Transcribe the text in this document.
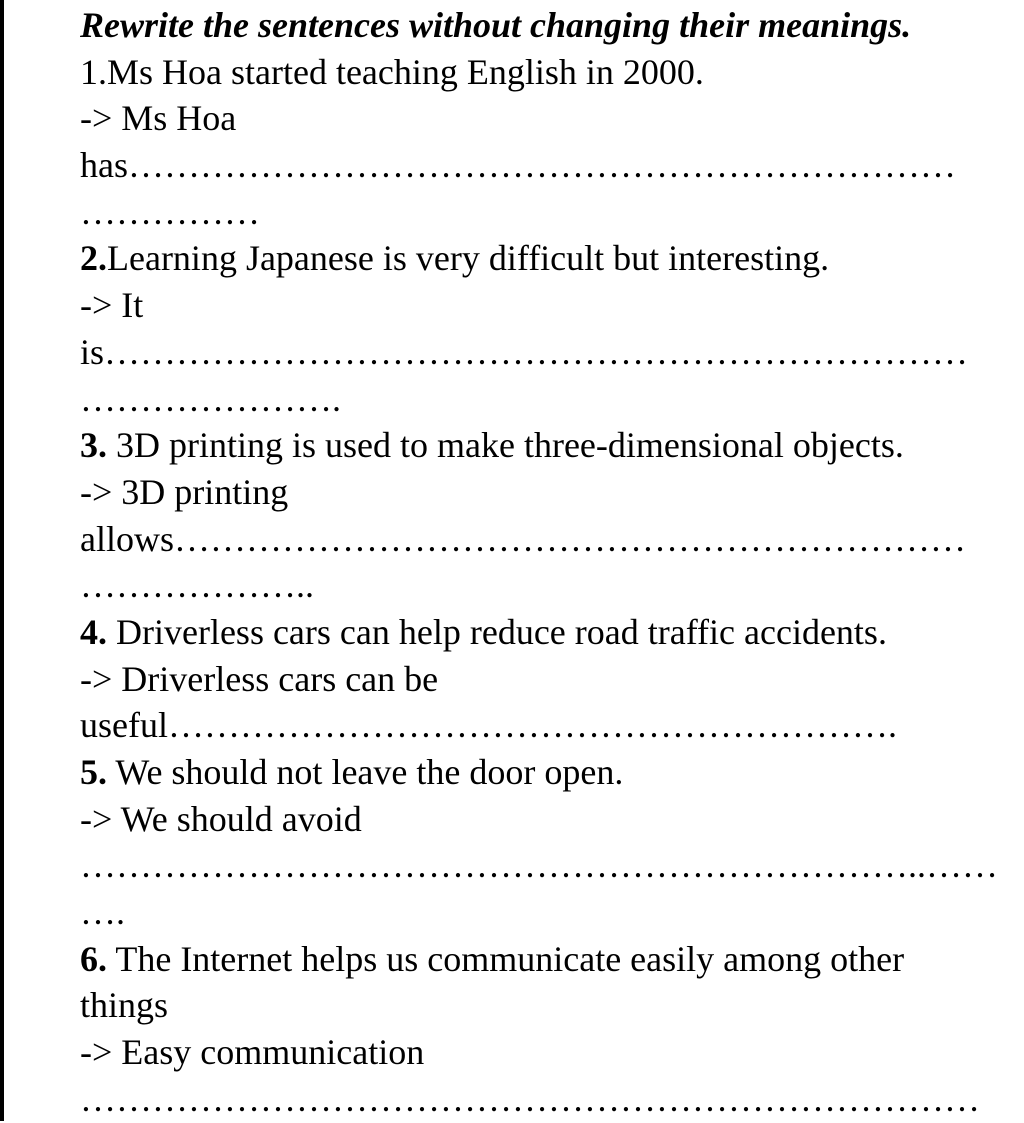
Rewrite the sentences without changing their meanings.
1.Ms Hoa started teaching English in 2000.
-> Ms Hoa
has……………………………………………………………
……………
2.Learning Japanese is very difficult but interesting.
-> It
is………………………………………………………………
………………….
3. 3D printing is used to make three-dimensional objects.
-> 3D printing
allows…………………………………………………………
………………..
4. Driverless cars can help reduce road traffic accidents.
-> Driverless cars can be
useful…………………………………………………….
5. We should not leave the door open.
-> We should avoid
……………………………………………………………..……
….
6. The Internet helps us communicate easily among other
things
-> Easy communication
…………………………………………………………………
